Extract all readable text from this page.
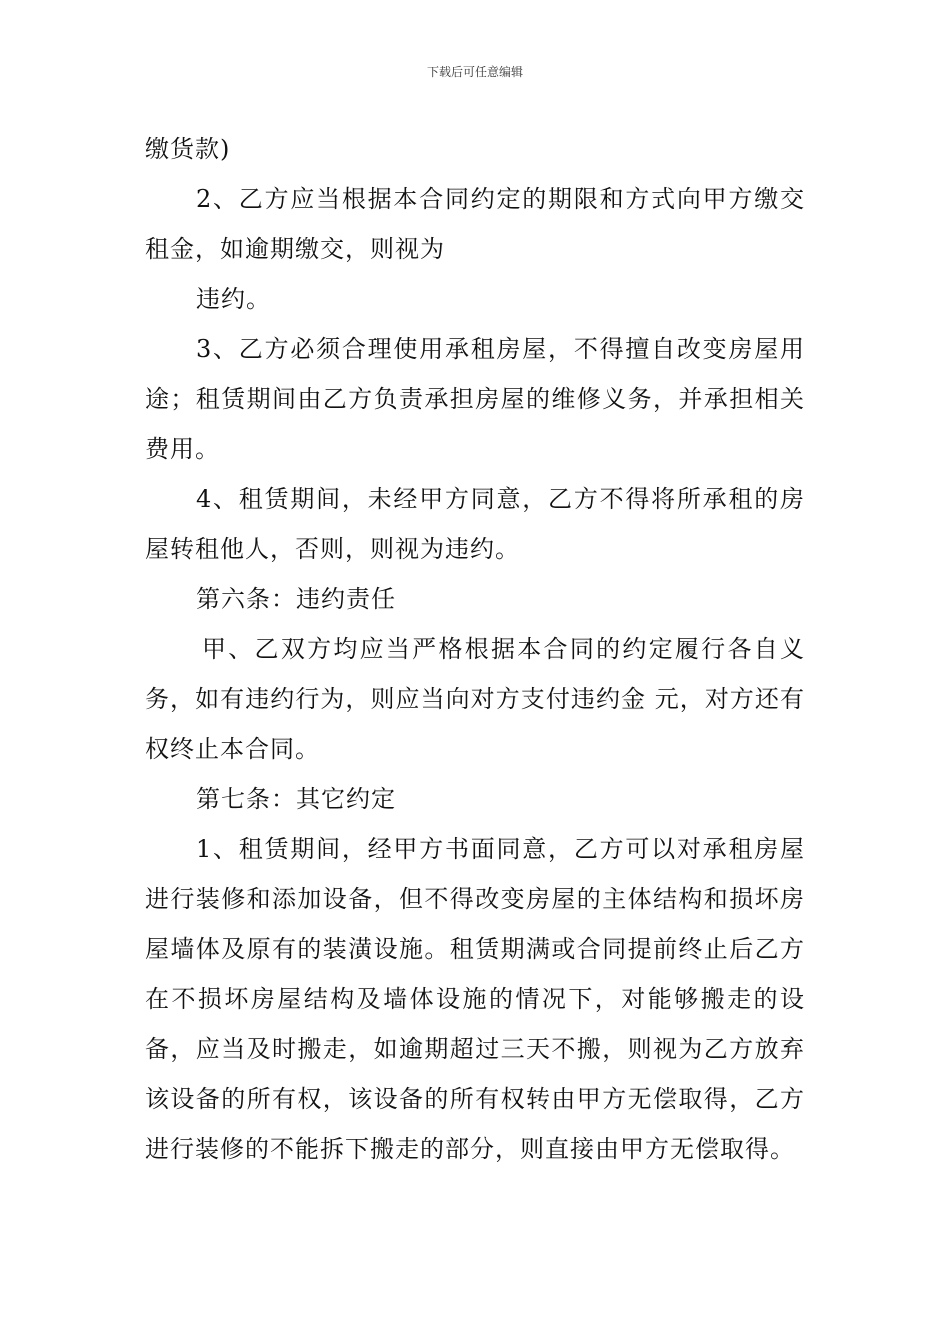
下载后可任意编辑

缴货款)

2、乙方应当根据本合同约定的期限和方式向甲方缴交租金，如逾期缴交，则视为

违约。

3、乙方必须合理使用承租房屋，不得擅自改变房屋用途；租赁期间由乙方负责承担房屋的维修义务，并承担相关费用。

4、租赁期间，未经甲方同意，乙方不得将所承租的房屋转租他人，否则，则视为违约。

第六条：违约责任

甲、乙双方均应当严格根据本合同的约定履行各自义务，如有违约行为，则应当向对方支付违约金 元，对方还有权终止本合同。

第七条：其它约定

1、租赁期间，经甲方书面同意，乙方可以对承租房屋进行装修和添加设备，但不得改变房屋的主体结构和损坏房屋墙体及原有的装潢设施。租赁期满或合同提前终止后乙方在不损坏房屋结构及墙体设施的情况下，对能够搬走的设备，应当及时搬走，如逾期超过三天不搬，则视为乙方放弃该设备的所有权，该设备的所有权转由甲方无偿取得，乙方进行装修的不能拆下搬走的部分，则直接由甲方无偿取得。
